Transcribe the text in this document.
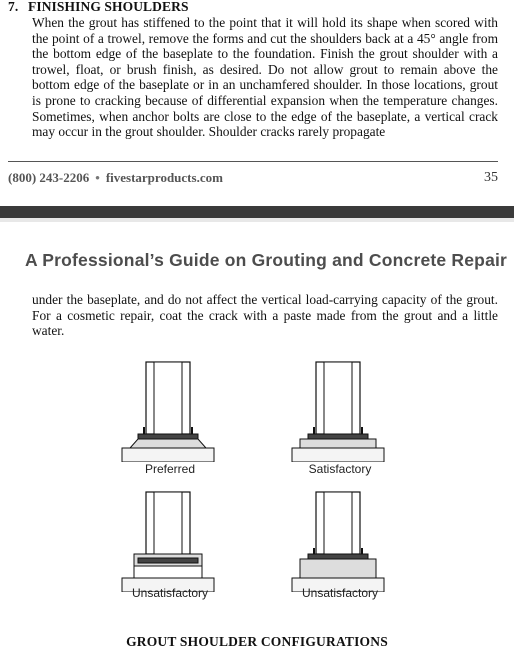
7. FINISHING SHOULDERS

When the grout has stiffened to the point that it will hold its shape when scored with the point of a trowel, remove the forms and cut the shoulders back at a 45° angle from the bottom edge of the baseplate to the foundation. Finish the grout shoulder with a trowel, float, or brush finish, as desired. Do not allow grout to remain above the bottom edge of the baseplate or in an unchamfered shoulder. In those locations, grout is prone to cracking because of differential expansion when the temperature changes. Sometimes, when anchor bolts are close to the edge of the baseplate, a vertical crack may occur in the grout shoulder. Shoulder cracks rarely propagate

(800) 243-2206 • fivestarproducts.com	35
A Professional’s Guide on Grouting and Concrete Repair

under the baseplate, and do not affect the vertical load-carrying capacity of the grout. For a cosmetic repair, coat the crack with a paste made from the grout and a little water.

Preferred	Satisfactory
Unsatisfactory	Unsatisfactory

GROUT SHOULDER CONFIGURATIONS
